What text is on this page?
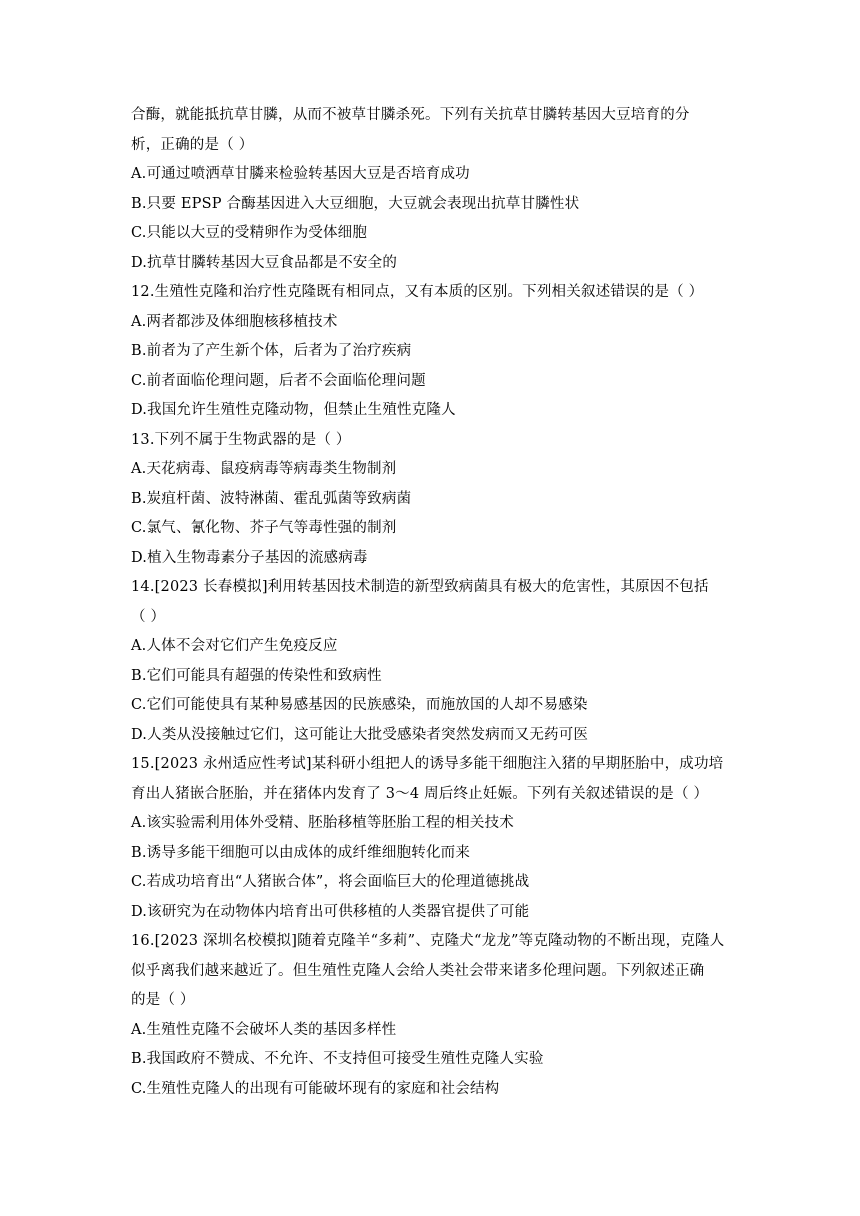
合酶，就能抵抗草甘膦，从而不被草甘膦杀死。下列有关抗草甘膦转基因大豆培育的分
析，正确的是（ ）
A.可通过喷洒草甘膦来检验转基因大豆是否培育成功
B.只要 EPSP 合酶基因进入大豆细胞，大豆就会表现出抗草甘膦性状
C.只能以大豆的受精卵作为受体细胞
D.抗草甘膦转基因大豆食品都是不安全的
12.生殖性克隆和治疗性克隆既有相同点，又有本质的区别。下列相关叙述错误的是（ ）
A.两者都涉及体细胞核移植技术
B.前者为了产生新个体，后者为了治疗疾病
C.前者面临伦理问题，后者不会面临伦理问题
D.我国允许生殖性克隆动物，但禁止生殖性克隆人
13.下列不属于生物武器的是（ ）
A.天花病毒、鼠疫病毒等病毒类生物制剂
B.炭疽杆菌、波特淋菌、霍乱弧菌等致病菌
C.氯气、氰化物、芥子气等毒性强的制剂
D.植入生物毒素分子基因的流感病毒
14.[2023 长春模拟]利用转基因技术制造的新型致病菌具有极大的危害性，其原因不包括
（ ）
A.人体不会对它们产生免疫反应
B.它们可能具有超强的传染性和致病性
C.它们可能使具有某种易感基因的民族感染，而施放国的人却不易感染
D.人类从没接触过它们，这可能让大批受感染者突然发病而又无药可医
15.[2023 永州适应性考试]某科研小组把人的诱导多能干细胞注入猪的早期胚胎中，成功培
育出人猪嵌合胚胎，并在猪体内发育了 3～4 周后终止妊娠。下列有关叙述错误的是（ ）
A.该实验需利用体外受精、胚胎移植等胚胎工程的相关技术
B.诱导多能干细胞可以由成体的成纤维细胞转化而来
C.若成功培育出“人猪嵌合体”，将会面临巨大的伦理道德挑战
D.该研究为在动物体内培育出可供移植的人类器官提供了可能
16.[2023 深圳名校模拟]随着克隆羊“多莉”、克隆犬“龙龙”等克隆动物的不断出现，克隆人
似乎离我们越来越近了。但生殖性克隆人会给人类社会带来诸多伦理问题。下列叙述正确
的是（ ）
A.生殖性克隆不会破坏人类的基因多样性
B.我国政府不赞成、不允许、不支持但可接受生殖性克隆人实验
C.生殖性克隆人的出现有可能破坏现有的家庭和社会结构
